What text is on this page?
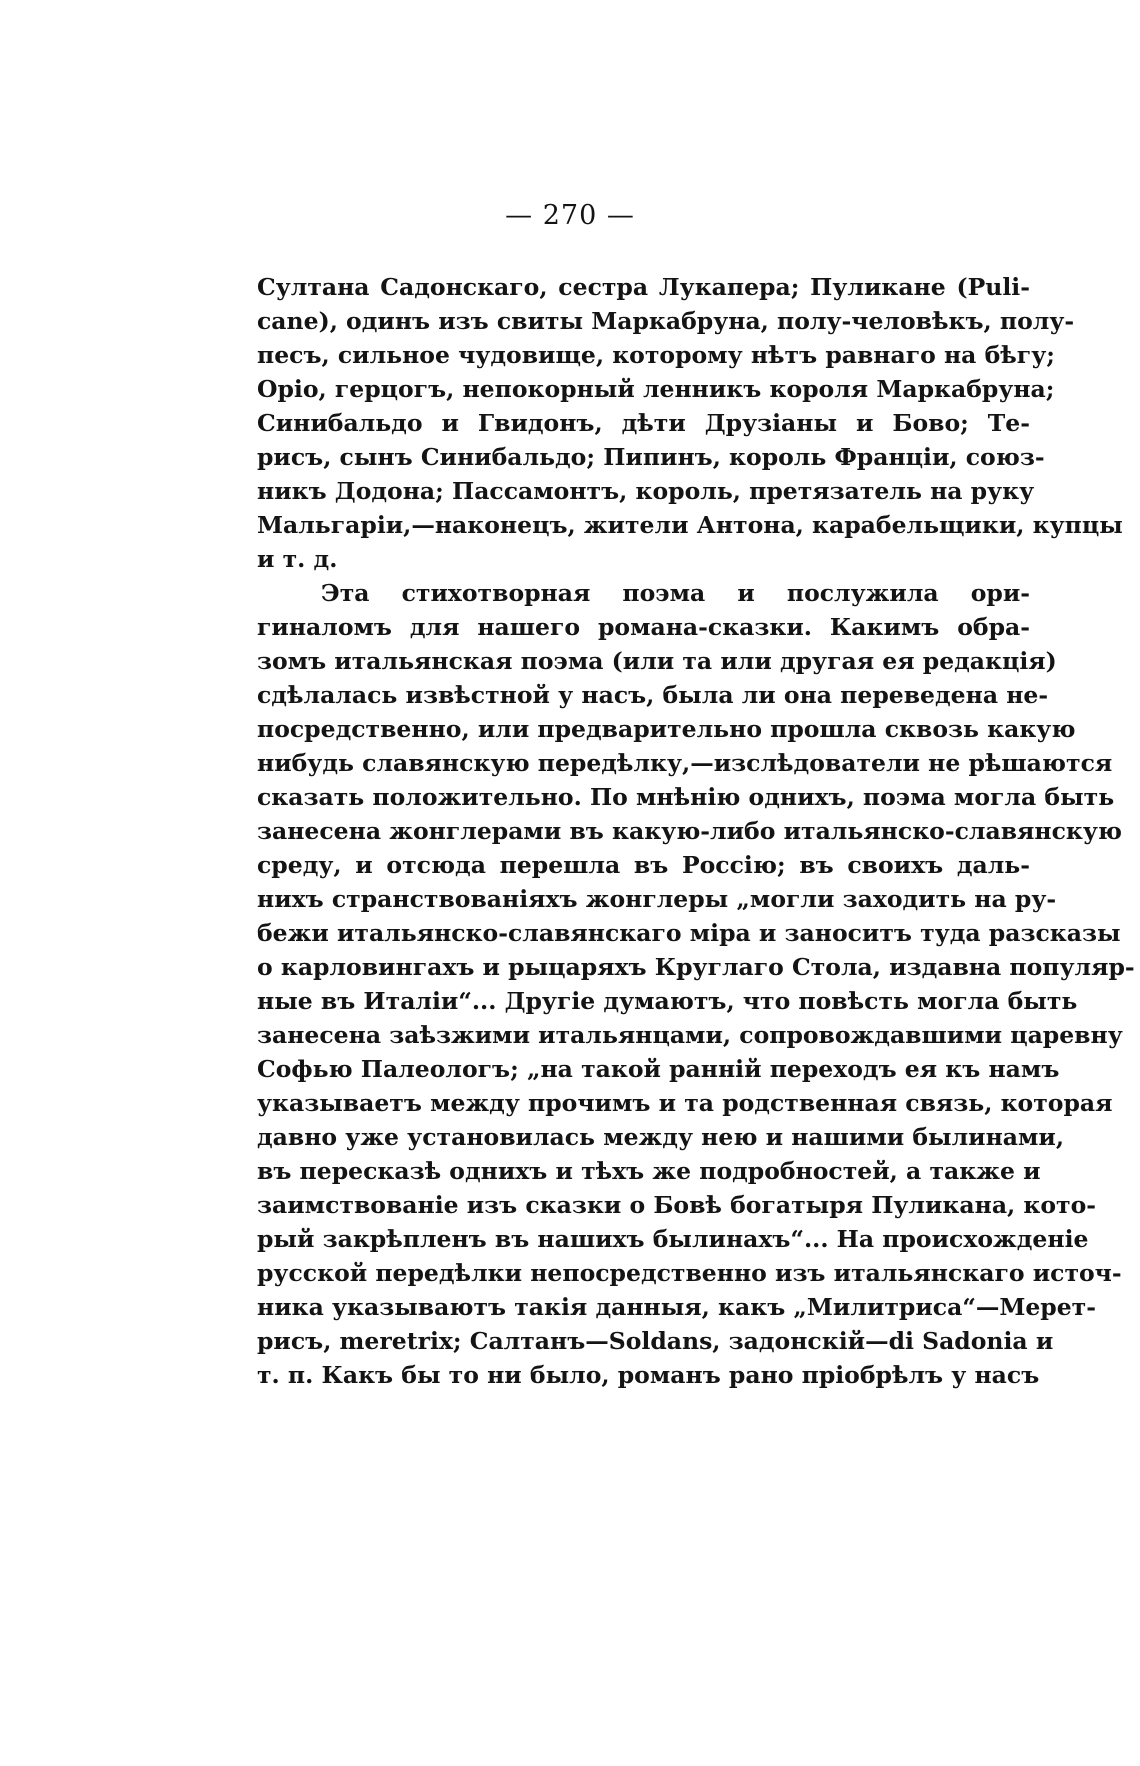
— 270 —
Султана Садонскаго, сестра Лукапера; Пуликане (Puli-
cane), одинъ изъ свиты Маркабруна, полу-человѣкъ, полу-
песъ, сильное чудовище, которому нѣтъ равнаго на бѣгу;
Оріо, герцогъ, непокорный ленникъ короля Маркабруна;
Синибальдо и Гвидонъ, дѣти Друзіаны и Бово; Те-
рисъ, сынъ Синибальдо; Пипинъ, король Франціи, союз-
никъ Додона; Пассамонтъ, король, претязатель на руку
Мальгаріи,—наконецъ, жители Антона, карабельщики, купцы
и т. д.
Эта стихотворная поэма и послужила ори-
гиналомъ для нашего романа-сказки. Какимъ обра-
зомъ итальянская поэма (или та или другая ея редакція)
сдѣлалась извѣстной у насъ, была ли она переведена не-
посредственно, или предварительно прошла сквозь какую
нибудь славянскую передѣлку,—изслѣдователи не рѣшаются
сказать положительно. По мнѣнію однихъ, поэма могла быть
занесена жонглерами въ какую-либо итальянско-славянскую
среду, и отсюда перешла въ Россію; въ своихъ даль-
нихъ странствованіяхъ жонглеры „могли заходить на ру-
бежи итальянско-славянскаго міра и заноситъ туда разсказы
о карловингахъ и рыцаряхъ Круглаго Стола, издавна популяр-
ные въ Италіи“... Другіе думаютъ, что повѣсть могла быть
занесена заѣзжими итальянцами, сопровождавшими царевну
Софью Палеологъ; „на такой ранній переходъ ея къ намъ
указываетъ между прочимъ и та родственная связь, которая
давно уже установилась между нею и нашими былинами,
въ пересказѣ однихъ и тѣхъ же подробностей, а также и
заимствованіе изъ сказки о Бовѣ богатыря Пуликана, кото-
рый закрѣпленъ въ нашихъ былинахъ“... На происхожденіе
русской передѣлки непосредственно изъ итальянскаго источ-
ника указываютъ такія данныя, какъ „Милитриса“—Мерет-
рисъ, meretrix; Салтанъ—Soldans, задонскій—di Sadonia и
т. п. Какъ бы то ни было, романъ рано пріобрѣлъ у насъ
